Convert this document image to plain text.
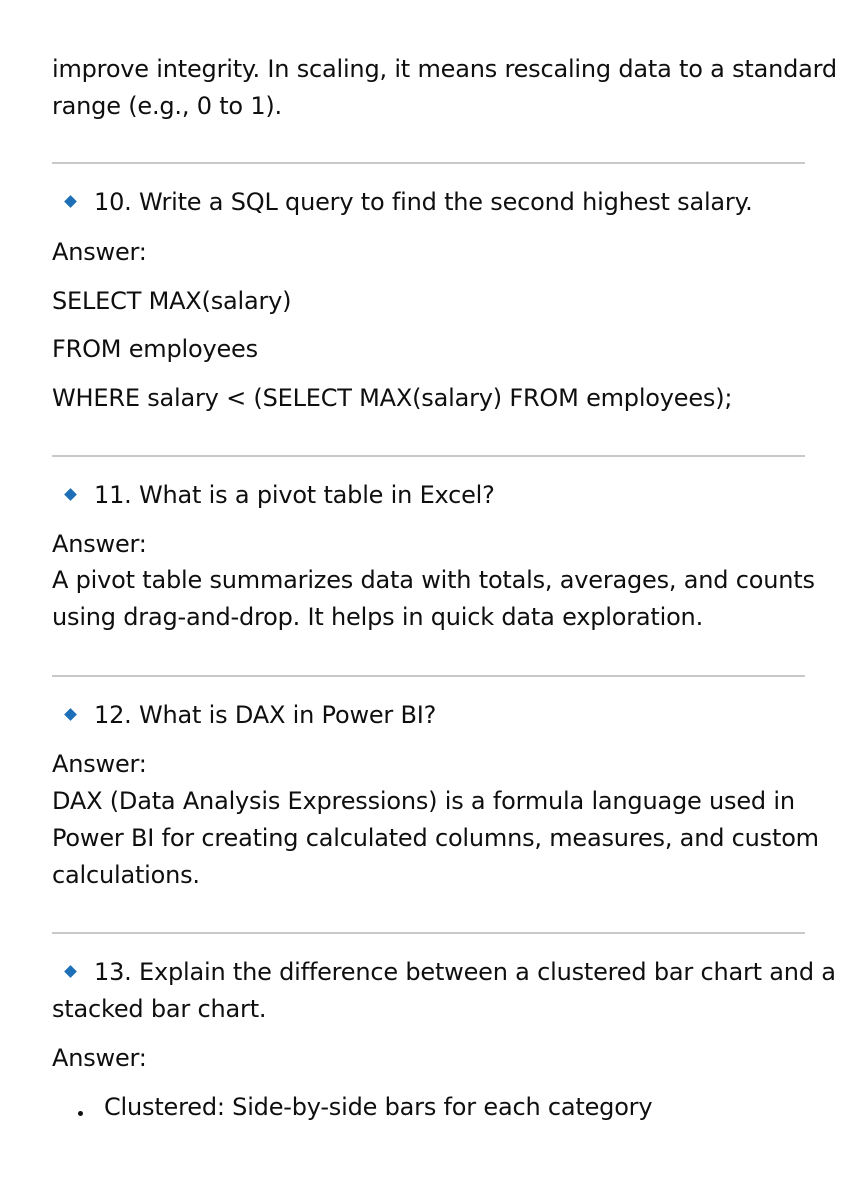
improve integrity. In scaling, it means rescaling data to a standard
range (e.g., 0 to 1).
10. Write a SQL query to find the second highest salary.
Answer:
SELECT MAX(salary)
FROM employees
WHERE salary < (SELECT MAX(salary) FROM employees);
11. What is a pivot table in Excel?
Answer:
A pivot table summarizes data with totals, averages, and counts
using drag-and-drop. It helps in quick data exploration.
12. What is DAX in Power BI?
Answer:
DAX (Data Analysis Expressions) is a formula language used in
Power BI for creating calculated columns, measures, and custom
calculations.
13. Explain the difference between a clustered bar chart and a
stacked bar chart.
Answer:
Clustered: Side-by-side bars for each category
